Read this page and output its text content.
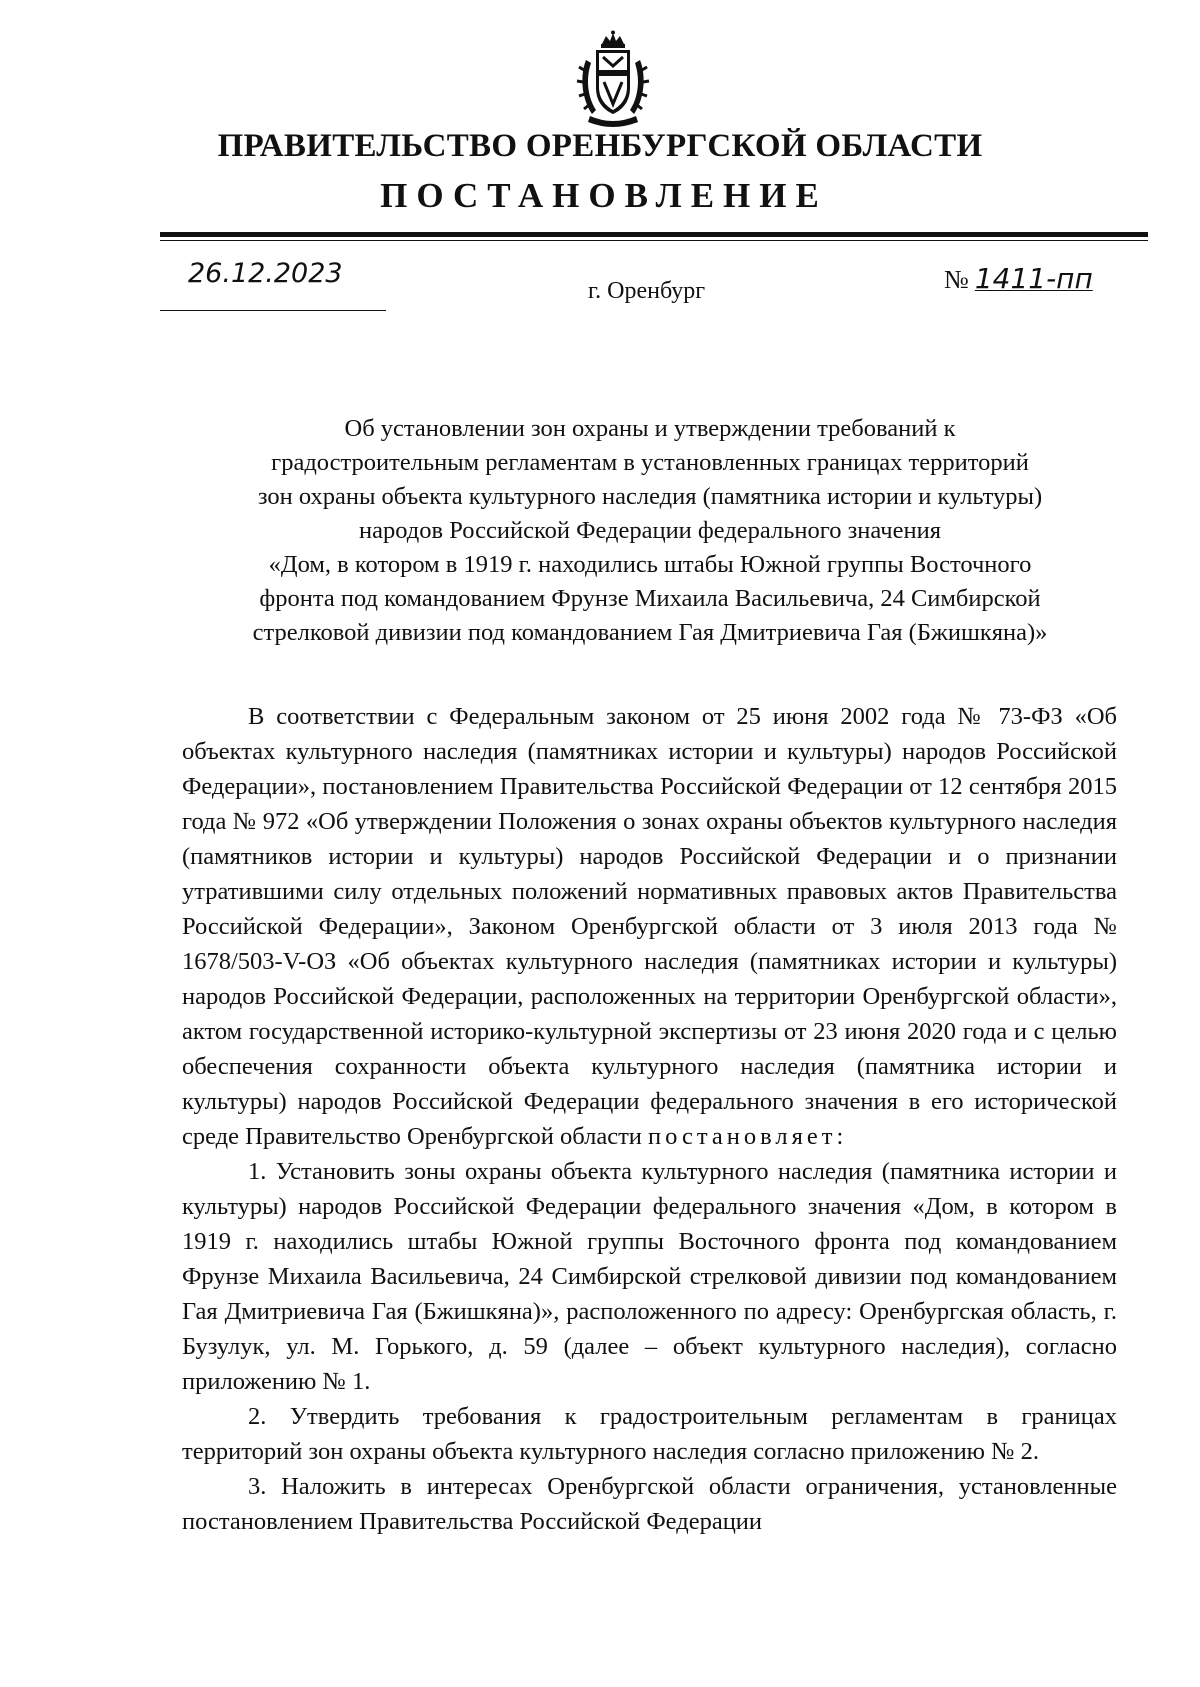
ПРАВИТЕЛЬСТВО ОРЕНБУРГСКОЙ ОБЛАСТИ
ПОСТАНОВЛЕНИЕ
26.12.2023
г. Оренбург	№ 1411-пп
Об установлении зон охраны и утверждении требований к
градостроительным регламентам в установленных границах территорий
зон охраны объекта культурного наследия (памятника истории и культуры)
народов Российской Федерации федерального значения
«Дом, в котором в 1919 г. находились штабы Южной группы Восточного
фронта под командованием Фрунзе Михаила Васильевича, 24 Симбирской
стрелковой дивизии под командованием Гая Дмитриевича Гая (Бжишкяна)»

В соответствии с Федеральным законом от 25 июня 2002 года № 73-ФЗ «Об объектах культурного наследия (памятниках истории и культуры) народов Российской Федерации», постановлением Правительства Российской Федерации от 12 сентября 2015 года № 972 «Об утверждении Положения о зонах охраны объектов культурного наследия (памятников истории и культуры) народов Российской Федерации и о признании утратившими силу отдельных положений нормативных правовых актов Правительства Российской Федерации», Законом Оренбургской области от 3 июля 2013 года № 1678/503-V-ОЗ «Об объектах культурного наследия (памятниках истории и культуры) народов Российской Федерации, расположенных на территории Оренбургской области», актом государственной историко-культурной экспертизы от 23 июня 2020 года и с целью обеспечения сохранности объекта культурного наследия (памятника истории и культуры) народов Российской Федерации федерального значения в его исторической среде Правительство Оренбургской области постановляет:

1. Установить зоны охраны объекта культурного наследия (памятника истории и культуры) народов Российской Федерации федерального значения «Дом, в котором в 1919 г. находились штабы Южной группы Восточного фронта под командованием Фрунзе Михаила Васильевича, 24 Симбирской стрелковой дивизии под командованием Гая Дмитриевича Гая (Бжишкяна)», расположенного по адресу: Оренбургская область, г. Бузулук, ул. М. Горького, д. 59 (далее – объект культурного наследия), согласно приложению № 1.

2. Утвердить требования к градостроительным регламентам в границах территорий зон охраны объекта культурного наследия согласно приложению № 2.

3. Наложить в интересах Оренбургской области ограничения, установленные постановлением Правительства Российской Федерации
